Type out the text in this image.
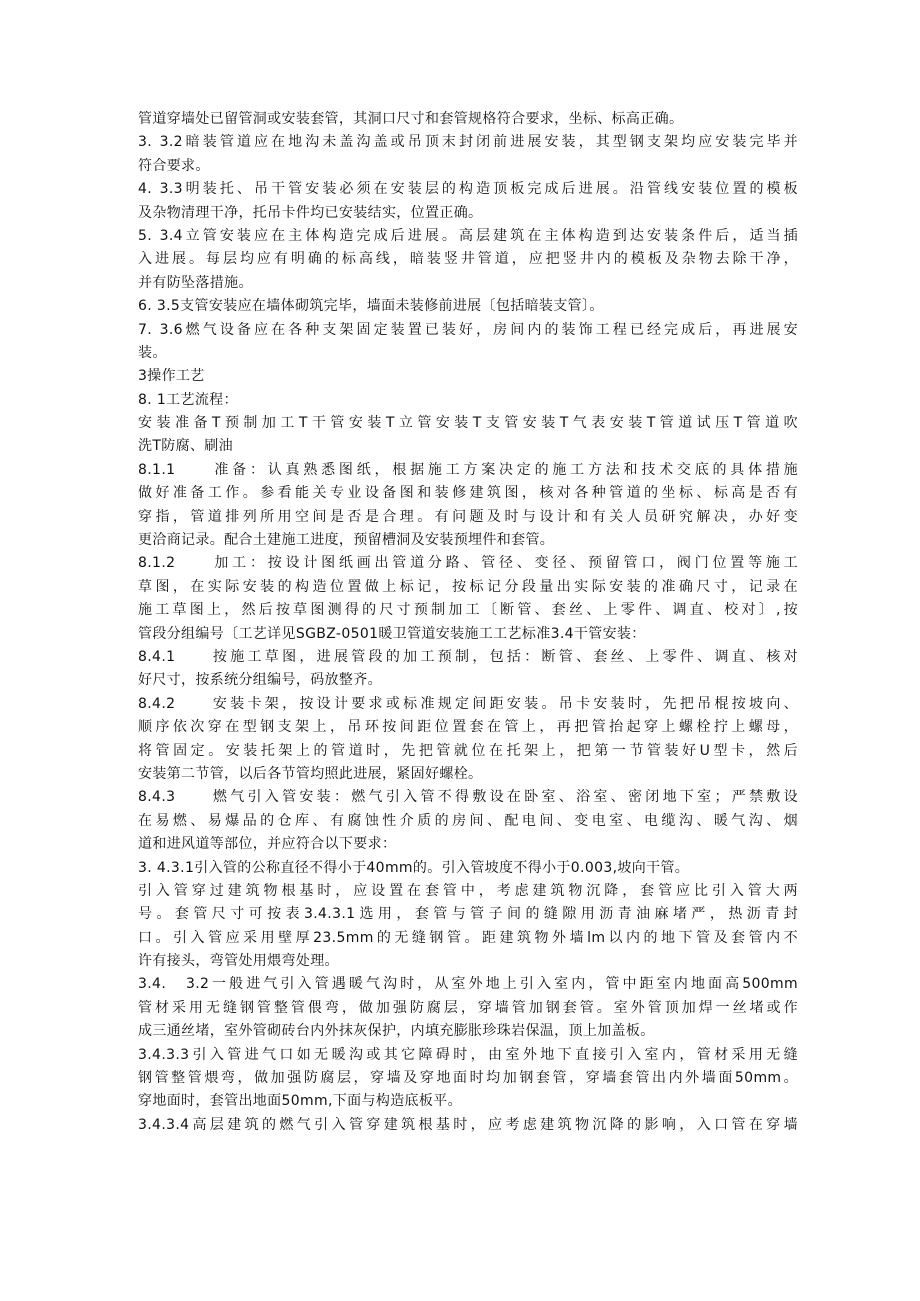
管道穿墙处已留管洞或安装套管，其洞口尺寸和套管规格符合要求，坐标、标高正确。
3. 3.2暗装管道应在地沟未盖沟盖或吊顶末封闭前进展安装，其型钢支架均应安装完毕并
符合要求。
4. 3.3明装托、吊干管安装必须在安装层的构造顶板完成后进展。沿管线安装位置的模板
及杂物清理干净，托吊卡件均已安装结实，位置正确。
5. 3.4立管安装应在主体构造完成后进展。高层建筑在主体构造到达安装条件后，适当插
入进展。每层均应有明确的标高线，暗装竖井管道，应把竖井内的模板及杂物去除干净，
并有防坠落措施。
6. 3.5支管安装应在墙体砌筑完毕，墙面未装修前进展〔包括暗装支管〕。
7. 3.6燃气设备应在各种支架固定装置已装好，房间内的装饰工程已经完成后，再进展安
装。
3操作工艺
8. 1工艺流程：
安装准备T预制加工T干管安装T立管安装T支管安装T气表安装T管道试压T管道吹
洗T防腐、刷油
8.1.1　　准备：认真熟悉图纸，根据施工方案决定的施工方法和技术交底的具体措施
做好准备工作。参看能关专业设备图和装修建筑图，核对各种管道的坐标、标高是否有
穿指，管道排列所用空间是否是合理。有问题及时与设计和有关人员研究解决，办好变
更洽商记录。配合土建施工进度，预留槽洞及安装预埋件和套管。
8.1.2　　加工：按设计图纸画出管道分路、管径、变径、预留管口，阀门位置等施工
草图，在实际安装的构造位置做上标记，按标记分段量出实际安装的准确尺寸，记录在
施工草图上，然后按草图测得的尺寸预制加工〔断管、套丝、上零件、调直、校对〕,按
管段分组编号〔工艺详见SGBZ-0501暖卫管道安装施工工艺标准3.4干管安装：
8.4.1　　按施工草图，进展管段的加工预制，包括：断管、套丝、上零件、调直、核对
好尺寸，按系统分组编号，码放整齐。
8.4.2　　安装卡架，按设计要求或标准规定间距安装。吊卡安装时，先把吊棍按坡向、
顺序依次穿在型钢支架上，吊环按间距位置套在管上，再把管抬起穿上螺栓拧上螺母，
将管固定。安装托架上的管道时，先把管就位在托架上，把第一节管装好U型卡，然后
安装第二节管，以后各节管均照此进展，紧固好螺栓。
8.4.3　　燃气引入管安装：燃气引入管不得敷设在卧室、浴室、密闭地下室；严禁敷设
在易燃、易爆品的仓库、有腐蚀性介质的房间、配电间、变电室、电缆沟、暖气沟、烟
道和进风道等部位，并应符合以下要求：
3. 4.3.1引入管的公称直径不得小于40mm的。引入管坡度不得小于0.003,坡向干管。
引入管穿过建筑物根基时，应设置在套管中，考虑建筑物沉降，套管应比引入管大两
号。套管尺寸可按表3.4.3.1选用，套管与管子间的缝隙用沥青油麻堵严，热沥青封
口。引入管应采用壁厚23.5mm的无缝钢管。距建筑物外墙lm以内的地下管及套管内不
许有接头，弯管处用煨弯处理。
3.4.　3.2一般进气引入管遇暖气沟时，从室外地上引入室内，管中距室内地面高500mm
管材采用无缝钢管整管偎弯，做加强防腐层，穿墙管加钢套管。室外管顶加焊一丝堵或作
成三通丝堵，室外管砌砖台内外抹灰保护，内填充膨胀珍珠岩保温，顶上加盖板。
3.4.3.3引入管进气口如无暖沟或其它障碍时，由室外地下直接引入室内，管材采用无缝
钢管整管煨弯，做加强防腐层，穿墙及穿地面时均加钢套管，穿墙套管出内外墙面50mm。
穿地面时，套管出地面50mm,下面与构造底板平。
3.4.3.4高层建筑的燃气引入管穿建筑根基时，应考虑建筑物沉降的影响，入口管在穿墙
